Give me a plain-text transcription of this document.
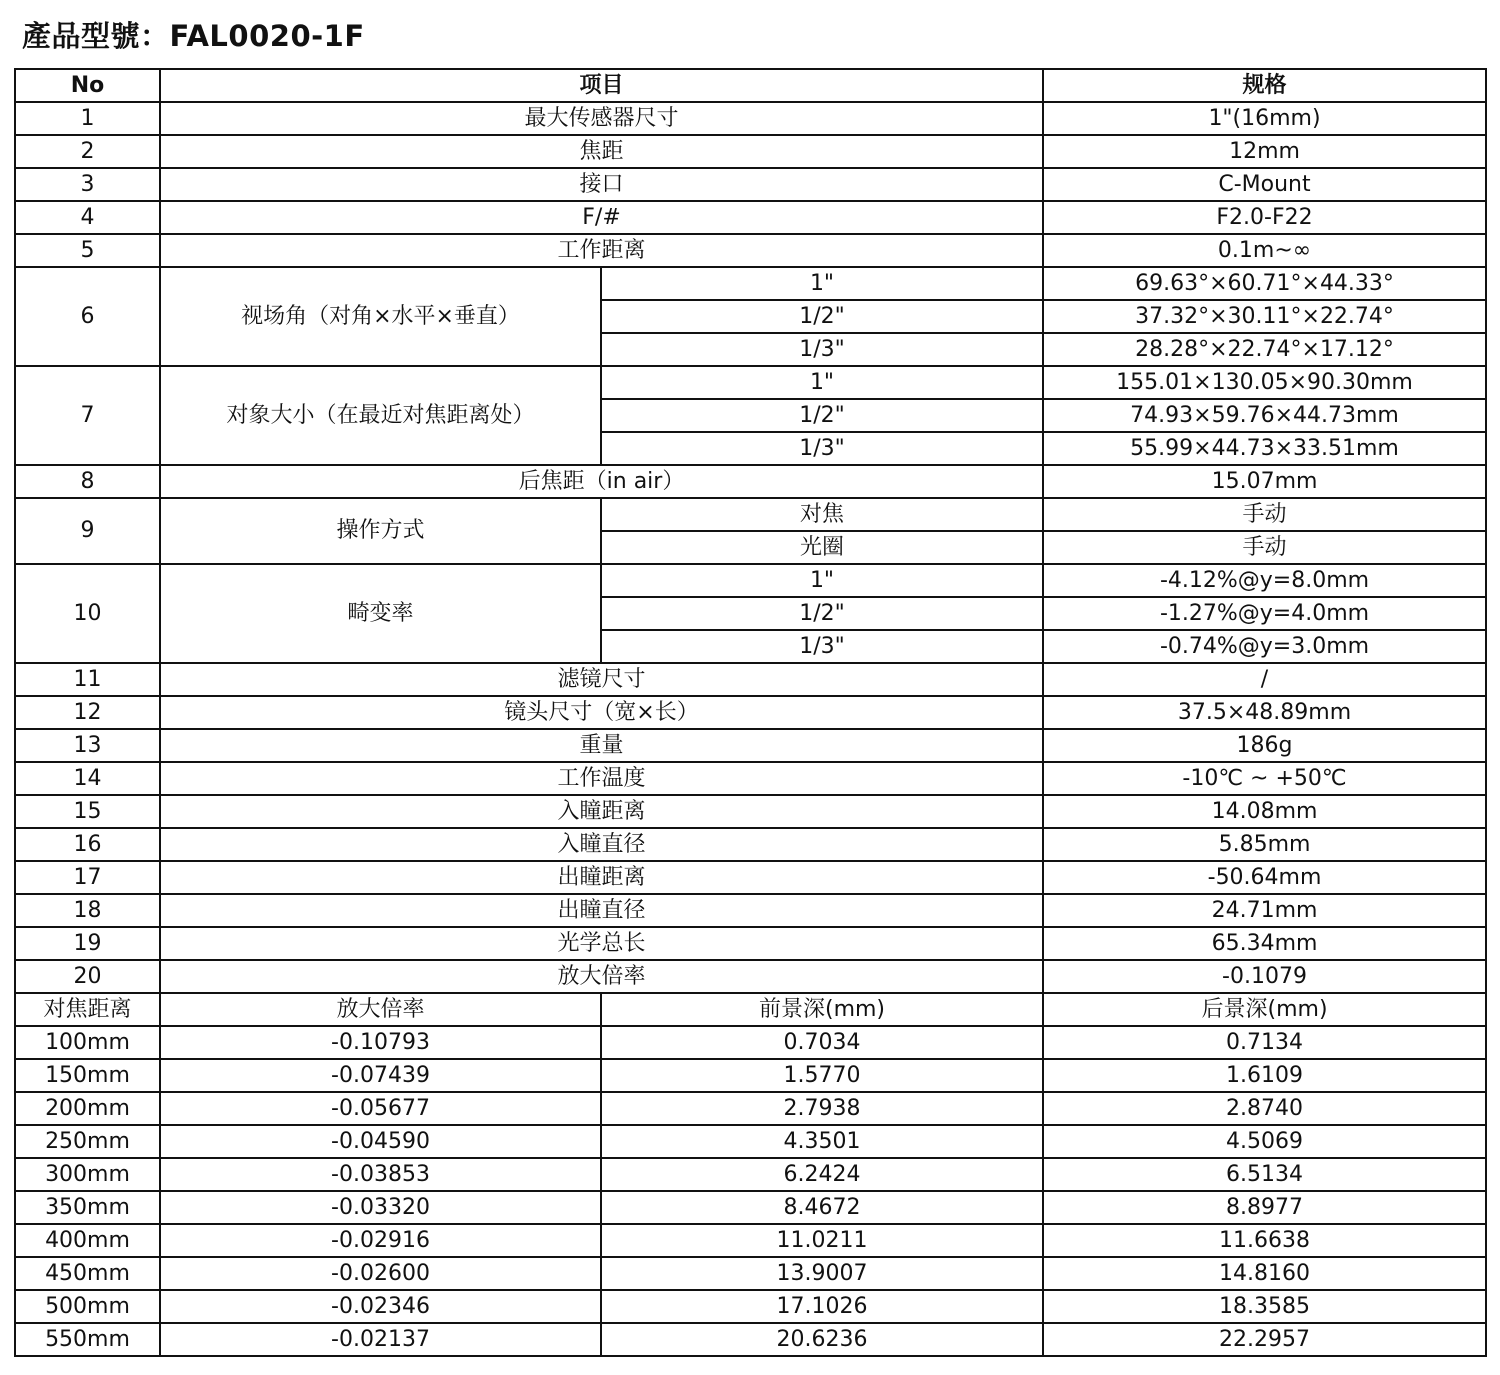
產品型號：FAL0020-1F
No	项目		规格
1	最大传感器尺寸		1"(16mm)
2	焦距		12mm
3	接口		C-Mount
4	F/#		F2.0-F22
5	工作距离		0.1m~∞
6	视场角（对角×水平×垂直）	1"	69.63°×60.71°×44.33°
		1/2"	37.32°×30.11°×22.74°
		1/3"	28.28°×22.74°×17.12°
7	对象大小（在最近对焦距离处）	1"	155.01×130.05×90.30mm
		1/2"	74.93×59.76×44.73mm
		1/3"	55.99×44.73×33.51mm
8	后焦距（in air）		15.07mm
9	操作方式	对焦	手动
		光圈	手动
10	畸变率	1"	-4.12%@y=8.0mm
		1/2"	-1.27%@y=4.0mm
		1/3"	-0.74%@y=3.0mm
11	滤镜尺寸		/
12	镜头尺寸（宽×长）		37.5×48.89mm
13	重量		186g
14	工作温度		-10℃ ~ +50℃
15	入瞳距离		14.08mm
16	入瞳直径		5.85mm
17	出瞳距离		-50.64mm
18	出瞳直径		24.71mm
19	光学总长		65.34mm
20	放大倍率		-0.1079
对焦距离	放大倍率	前景深(mm)	后景深(mm)
100mm	-0.10793	0.7034	0.7134
150mm	-0.07439	1.5770	1.6109
200mm	-0.05677	2.7938	2.8740
250mm	-0.04590	4.3501	4.5069
300mm	-0.03853	6.2424	6.5134
350mm	-0.03320	8.4672	8.8977
400mm	-0.02916	11.0211	11.6638
450mm	-0.02600	13.9007	14.8160
500mm	-0.02346	17.1026	18.3585
550mm	-0.02137	20.6236	22.2957
